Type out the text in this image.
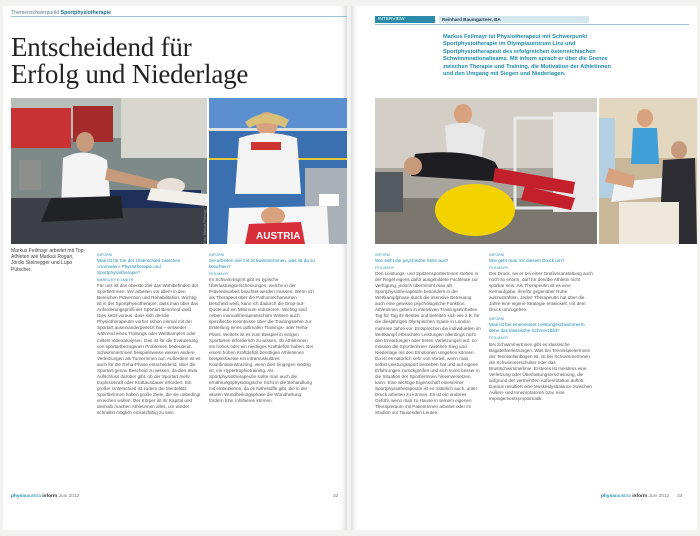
Themenschwerpunkt Sportphysiotherapie
Entscheidend für
Erfolg und Niederlage
Foto: Markus Feilmayr	AUSTRIA
Markus Feilmayr arbeitet mit Top-Athleten wie Markus Rogan, Jördis Steinegger und Lupo Pütscher.
INFORM
Was ist für Sie der Unterschied zwischen »normaler« Physiotherapie und Sportphysiotherapie?
MARKUS FEILMAYR
Für uns ist das oberste Ziel das Wohlbefinden der SportlerInnen. Wir arbeiten vor allem in den Bereichen Prävention und Rehabilitation. Wichtig ist in der Sportphysiotherapie, dass man über das Anforderungsprofil der Sportart Bescheid weiß. Dies setzt voraus, dass sich der/die PhysiotherapeutIn vorher schon einmal mit der Sportart auseinandergesetzt hat – entweder während eines Trainings oder Wettkampfes oder mittels Videoanalysen. Das ist für die Evaluierung von sportartbezogenen Problemen bedeutend. SchwimmerInnen beispielsweise weisen andere Verletzungen als TurnerInnen auf. Außerdem ist es auch für die Reha-Phase entscheidend, über die Sportart genau Bescheid zu wissen, da dies etwa Aufschluss darüber gibt, ob der Sportart mehr Explosivkraft oder Kraftausdauer erfordert. Ein großer Unterschied ist zudem die Mentalität: SportlerInnen haben große Ziele, die sie unbedingt erreichen wollen. Der Körper ist ihr Kapital und deshalb machen Athletinnen alles, um wieder schnellst möglich einsatzfähig zu sein.
INFORM
Sie arbeiten viel mit SchwimmerInnen, was ist da zu beachten?
FEILMAYR
Im Schwimmsport gibt es typische Überlastungserscheinungen, welche in der Präventivarbeit beachtet werden müssen. Wenn ich als Therapeut über die Pathomechanismen Bescheid weiß, kann ich dadurch die Drop-out-Quote auf ein Minimum reduzieren. Wichtig sind neben manualtherapeutischem Wissen auch spezifische Kenntnisse über die Trainingslehre zur Erstellung eines optimalen Trainings- oder Reha-Plans. Weiters ist es zum Beispiel in einigen Sportarten erforderlich zu wissen, ob Athletinnen ein hohes oder ein niedriges Kraftdefizit haben. Bei einem hohen Kraftdefizit benötigen Athletinnen beispielsweise ein intramuskuläres Koordinationstraining, wenn dies hingegen niedrig ist, ein Hypertrophietraining. Als Sportphysiotherapeutin sollte man auch die ernährungsphysiologische Sicht in die Behandlung mit einbeziehen, da es Nährstoffe gibt, die in der akuten Wundheilungsphase die Wundheilung fördern bzw. inhibieren können.
physioaustria inform Juni 2012	32
INTERVIEW	Reinhard Baumgartner, BA
Markus Feilmayr ist Physiotherapeut mit Schwerpunkt Sportphysiotherapie im Olympiazentrum Linz und Sportphysiotherapeut des erfolgreichen österreichischen Schwimmnationalteams. Mit inform sprach er über die Grenze zwischen Therapie und Training, die Motivation der Athletinnen und den Umgang mit Siegen und Niederlagen.
INFORM
Wie sieht die psychische Seite aus?
FEILMAYR
Den Leistungs- und SpitzensportlerInnen stehen in der Regel eigens dafür ausgebildete Fachleute zur Verfügung, jedoch übernimmt man als SportphysiotherapeutIn besonders in der Wettkampfphase durch die intensive Betreuung auch eine gewisse psychologische Funktion. Athletinnen geben in intensiven Trainingseinheiten Tag für Tag ihr Bestes und bereiten sich wie z.B. für die diesjährigen Olympischen Spiele in London mehrere Jahre vor. Entsprechen die individuellen im Wettkampf erbrachten Leistungen allerdings nicht den Erwartungen oder treten Verletzungen auf, so müssen die Sportlerinnen zwischen Sieg und Niederlage mit den Emotionen umgehen können. Da ist es natürlich sehr von Vorteil, wenn man selbst Leistungssport betrieben hat und auf eigene Erfahrungen zurückgreifen und sich somit besser in die Situation der SportlerInnen hineinversetzen kann. Eine wichtige Eigenschaft eines/einer Sportphysiotherapeutin ist es natürlich auch, unter Druck arbeiten zu können. Es ist ein anderes Gefühl, wenn man zu Hause in seinem eigenen Therapieraum mit PatientInnen arbeitet oder im Stadion vor Tausenden Leuten.
INFORM
Wie geht man mit diesem Druck um?
FEILMAYR
Der Druck, sei er bei einer Großveranstaltung auch noch so enorm, darf für den/die Athletin nicht spürbar sein. Als Therapeutin ist es eine Kernaufgabe, ihm/ihr gegenüber Ruhe auszustrahlen. Jede/r TherapeutIn hat über die Jahre eine eigene Strategie entwickelt, mit dem Druck umzugehen.
INFORM
Was ist bei einem/einer LeistungsschwimmerIn denn das klassische Schmerzbild?
FEILMAYR
Bei SchwimmerInnen gibt es klassische Bagatellverletzungen. Was bei TennisspielerInnen der Tennisellenbogen ist, ist bei SchwimmerInnen die Schwimmerschulter oder das Brustschwimmerknie. Ersteres ist meistens eine Verletzung oder Überlastungserscheinung, die aufgrund der vermehrten Außenrotation auftritt. Daraus resultiert eine Muskeldysbalance zwischen Außen- und Innenrotatoren bzw. eine Impingementsymptomatik.
physioaustria inform Juni 2012 33
